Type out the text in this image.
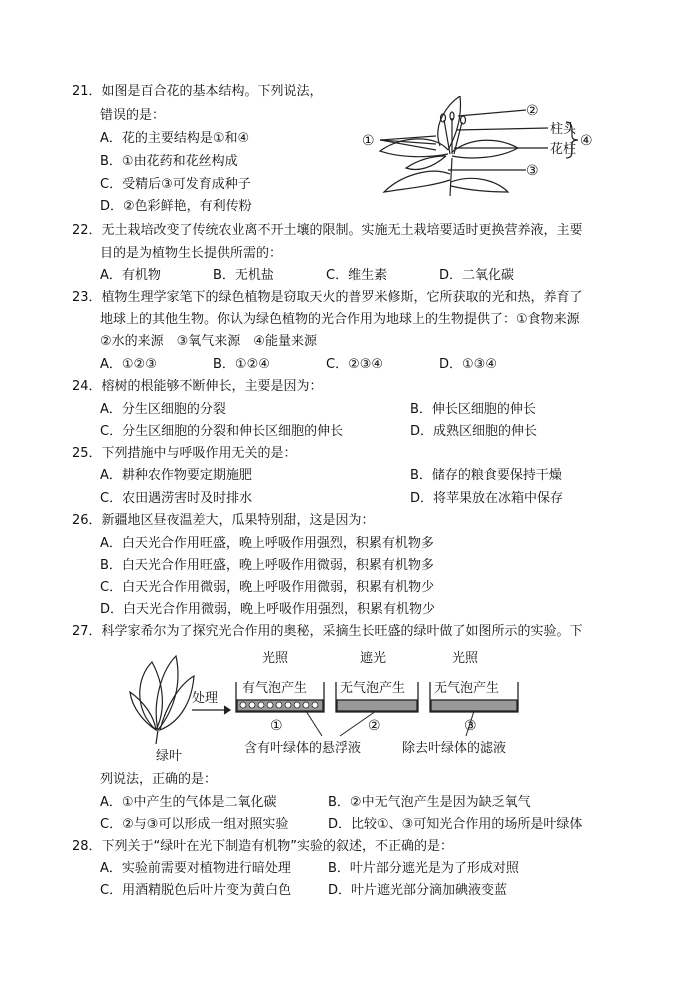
21．如图是百合花的基本结构。下列说法，
错误的是：
A．花的主要结构是①和④
B．①由花药和花丝构成
C．受精后③可发育成种子
D．②色彩鲜艳，有利传粉
②
柱头
花柱
④
③
①
22．无土栽培改变了传统农业离不开土壤的限制。实施无土栽培要适时更换营养液，主要
目的是为植物生长提供所需的：
A．有机物	B．无机盐	C．维生素	D．二氧化碳
23．植物生理学家笔下的绿色植物是窃取天火的普罗米修斯，它所获取的光和热，养育了
地球上的其他生物。你认为绿色植物的光合作用为地球上的生物提供了：①食物来源
②水的来源　③氧气来源　④能量来源
A．①②③	B．①②④	C．②③④	D．①③④
24．榕树的根能够不断伸长，主要是因为：
A．分生区细胞的分裂	B．伸长区细胞的伸长
C．分生区细胞的分裂和伸长区细胞的伸长	D．成熟区细胞的伸长
25．下列措施中与呼吸作用无关的是：
A．耕种农作物要定期施肥	B．储存的粮食要保持干燥
C．农田遇涝害时及时排水	D．将苹果放在冰箱中保存
26．新疆地区昼夜温差大，瓜果特别甜，这是因为：
A．白天光合作用旺盛，晚上呼吸作用强烈，积累有机物多
B．白天光合作用旺盛，晚上呼吸作用微弱，积累有机物多
C．白天光合作用微弱，晚上呼吸作用微弱，积累有机物少
D．白天光合作用微弱，晚上呼吸作用强烈，积累有机物少
27．科学家希尔为了探究光合作用的奥秘，采摘生长旺盛的绿叶做了如图所示的实验。下
绿叶
处理
光照
有气泡产生
①
遮光
无气泡产生
②
光照
无气泡产生
③
含有叶绿体的悬浮液	除去叶绿体的滤液
列说法，正确的是：
A．①中产生的气体是二氧化碳	B．②中无气泡产生是因为缺乏氧气
C．②与③可以形成一组对照实验	D．比较①、③可知光合作用的场所是叶绿体
28．下列关于“绿叶在光下制造有机物”实验的叙述，不正确的是：
A．实验前需要对植物进行暗处理	B．叶片部分遮光是为了形成对照
C．用酒精脱色后叶片变为黄白色	D．叶片遮光部分滴加碘液变蓝
